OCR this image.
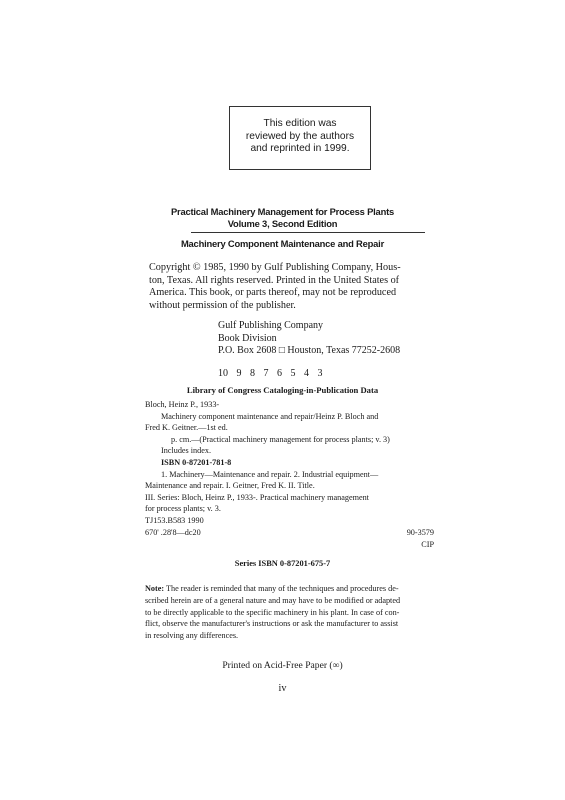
This edition was
reviewed by the authors
and reprinted in 1999.
Practical Machinery Management for Process Plants
Volume 3, Second Edition
Machinery Component Maintenance and Repair
Copyright © 1985, 1990 by Gulf Publishing Company, Hous-
ton, Texas. All rights reserved. Printed in the United States of
America. This book, or parts thereof, may not be reproduced
without permission of the publisher.
Gulf Publishing Company
Book Division
P.O. Box 2608 □ Houston, Texas 77252-2608
10 9 8 7 6 5 4 3
Library of Congress Cataloging-in-Publication Data
Bloch, Heinz P., 1933-
Machinery component maintenance and repair/Heinz P. Bloch and
Fred K. Geitner.—1st ed.
p. cm.—(Practical machinery management for process plants; v. 3)
Includes index.
ISBN 0-87201-781-8
1. Machinery—Maintenance and repair. 2. Industrial equipment—
Maintenance and repair. I. Geitner, Fred K. II. Title.
III. Series: Bloch, Heinz P., 1933-. Practical machinery management
for process plants; v. 3.
TJ153.B583 1990
670' .28'8—dc20	90-3579
CIP
Series ISBN 0-87201-675-7
Note: The reader is reminded that many of the techniques and procedures de-
scribed herein are of a general nature and may have to be modified or adapted
to be directly applicable to the specific machinery in his plant. In case of con-
flict, observe the manufacturer's instructions or ask the manufacturer to assist
in resolving any differences.
Printed on Acid-Free Paper (∞)
iv
